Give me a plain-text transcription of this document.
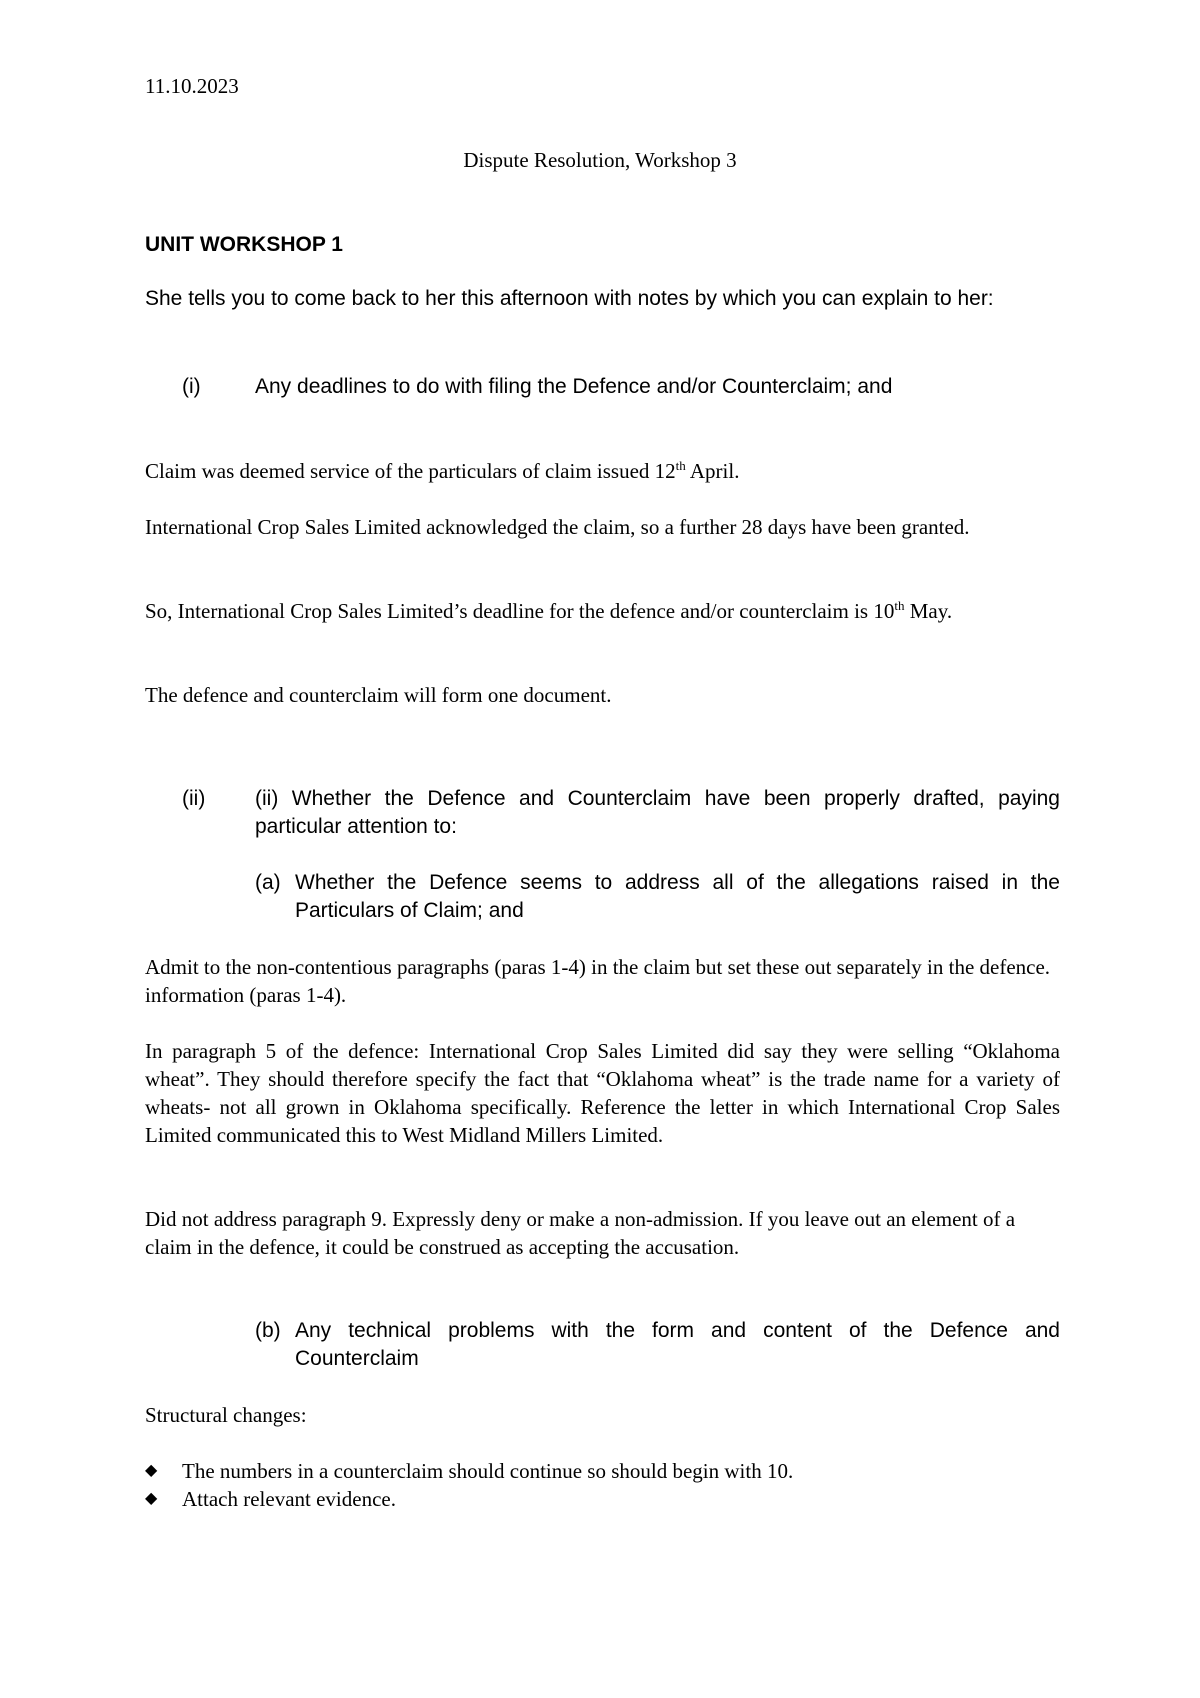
11.10.2023

Dispute Resolution, Workshop 3

UNIT WORKSHOP 1

She tells you to come back to her this afternoon with notes by which you can explain to her:

(i)	Any deadlines to do with filing the Defence and/or Counterclaim; and

Claim was deemed service of the particulars of claim issued 12th April.

International Crop Sales Limited acknowledged the claim, so a further 28 days have been granted.

So, International Crop Sales Limited’s deadline for the defence and/or counterclaim is 10th May.

The defence and counterclaim will form one document.

(ii) (ii) Whether the Defence and Counterclaim have been properly drafted, paying particular attention to:
(a) Whether the Defence seems to address all of the allegations raised in the Particulars of Claim; and

Admit to the non-contentious paragraphs (paras 1-4) in the claim but set these out separately in the defence. information (paras 1-4).

In paragraph 5 of the defence: International Crop Sales Limited did say they were selling “Oklahoma wheat”. They should therefore specify the fact that “Oklahoma wheat” is the trade name for a variety of wheats- not all grown in Oklahoma specifically. Reference the letter in which International Crop Sales Limited communicated this to West Midland Millers Limited.

Did not address paragraph 9. Expressly deny or make a non-admission. If you leave out an element of a claim in the defence, it could be construed as accepting the accusation.

(b) Any technical problems with the form and content of the Defence and Counterclaim

Structural changes:

◆ The numbers in a counterclaim should continue so should begin with 10.
◆ Attach relevant evidence.
